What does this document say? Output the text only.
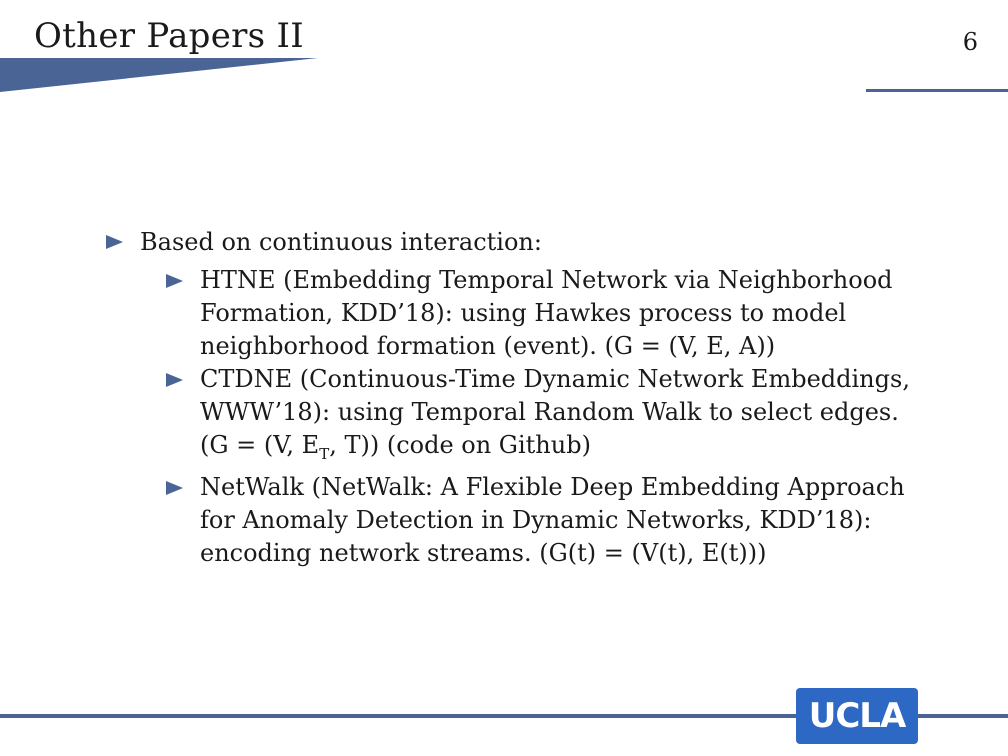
Other Papers II	6
Based on continuous interaction:
HTNE (Embedding Temporal Network via Neighborhood Formation, KDD’18): using Hawkes process to model neighborhood formation (event). (G = (V, E, A))
CTDNE (Continuous-Time Dynamic Network Embeddings, WWW’18): using Temporal Random Walk to select edges. (G = (V, $E_T$, T)) (code on Github)
NetWalk (NetWalk: A Flexible Deep Embedding Approach for Anomaly Detection in Dynamic Networks, KDD’18): encoding network streams. (G(t) = (V(t), E(t)))
UCLA
